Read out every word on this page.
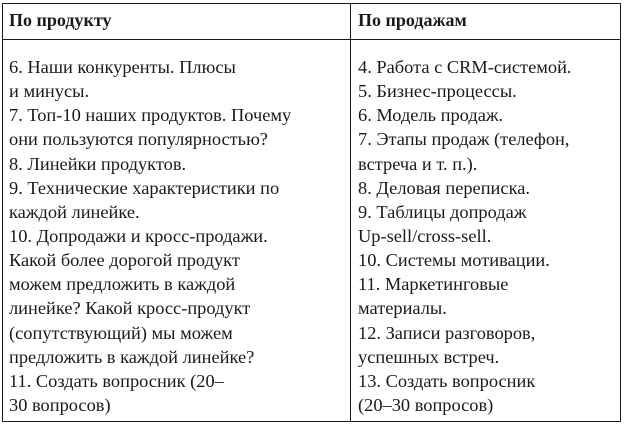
По продукту	По продажам
6. Наши конкуренты. Плюсы
и минусы.
7. Топ-10 наших продуктов. Почему
они пользуются популярностью?
8. Линейки продуктов.
9. Технические характеристики по
каждой линейке.
10. Допродажи и кросс-продажи.
Какой более дорогой продукт
можем предложить в каждой
линейке? Какой кросс-продукт
(сопутствующий) мы можем
предложить в каждой линейке?
11. Создать вопросник (20–
30 вопросов)
4. Работа с CRM-системой.
5. Бизнес-процессы.
6. Модель продаж.
7. Этапы продаж (телефон,
встреча и т. п.).
8. Деловая переписка.
9. Таблицы допродаж
Up-sell/cross-sell.
10. Системы мотивации.
11. Маркетинговые
материалы.
12. Записи разговоров,
успешных встреч.
13. Создать вопросник
(20–30 вопросов)
